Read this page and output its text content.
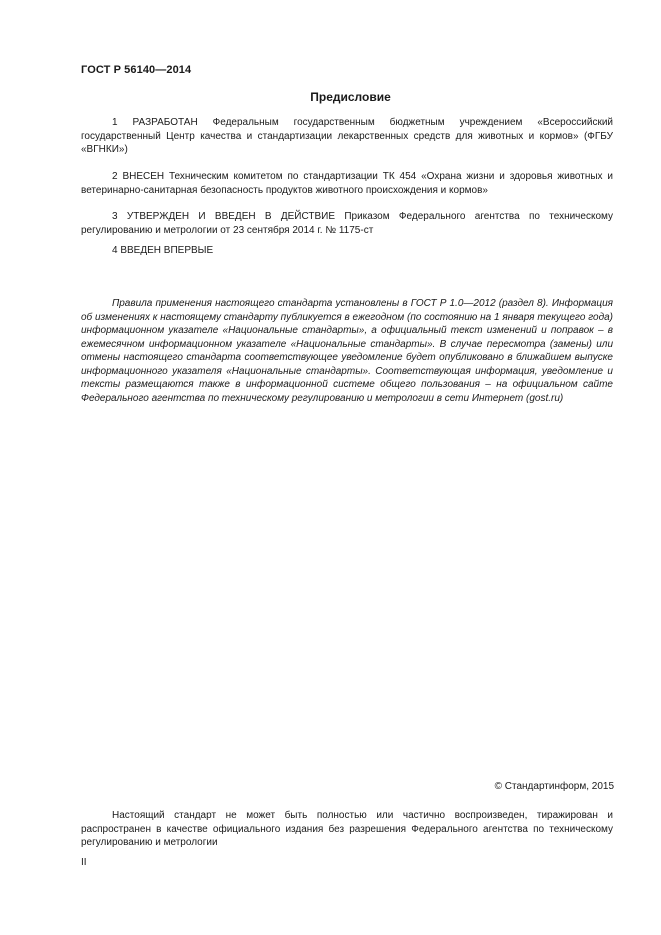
ГОСТ Р 56140—2014
Предисловие

1 РАЗРАБОТАН Федеральным государственным бюджетным учреждением «Всероссийский государственный Центр качества и стандартизации лекарственных средств для животных и кормов» (ФГБУ «ВГНКИ»)

2 ВНЕСЕН Техническим комитетом по стандартизации ТК 454 «Охрана жизни и здоровья животных и ветеринарно-санитарная безопасность продуктов животного происхождения и кормов»

3 УТВЕРЖДЕН И ВВЕДЕН В ДЕЙСТВИЕ Приказом Федерального агентства по техническому регулированию и метрологии от 23 сентября 2014 г. № 1175-ст

4 ВВЕДЕН ВПЕРВЫЕ

Правила применения настоящего стандарта установлены в ГОСТ Р 1.0—2012 (раздел 8). Информация об изменениях к настоящему стандарту публикуется в ежегодном (по состоянию на 1 января текущего года) информационном указателе «Национальные стандарты», а официальный текст изменений и поправок – в ежемесячном информационном указателе «Национальные стандарты». В случае пересмотра (замены) или отмены настоящего стандарта соответствующее уведомление будет опубликовано в ближайшем выпуске информационного указателя «Национальные стандарты». Соответствующая информация, уведомление и тексты размещаются также в информационной системе общего пользования – на официальном сайте Федерального агентства по техническому регулированию и метрологии в сети Интернет (gost.ru)

© Стандартинформ, 2015

Настоящий стандарт не может быть полностью или частично воспроизведен, тиражирован и распространен в качестве официального издания без разрешения Федерального агентства по техническому регулированию и метрологии

II
